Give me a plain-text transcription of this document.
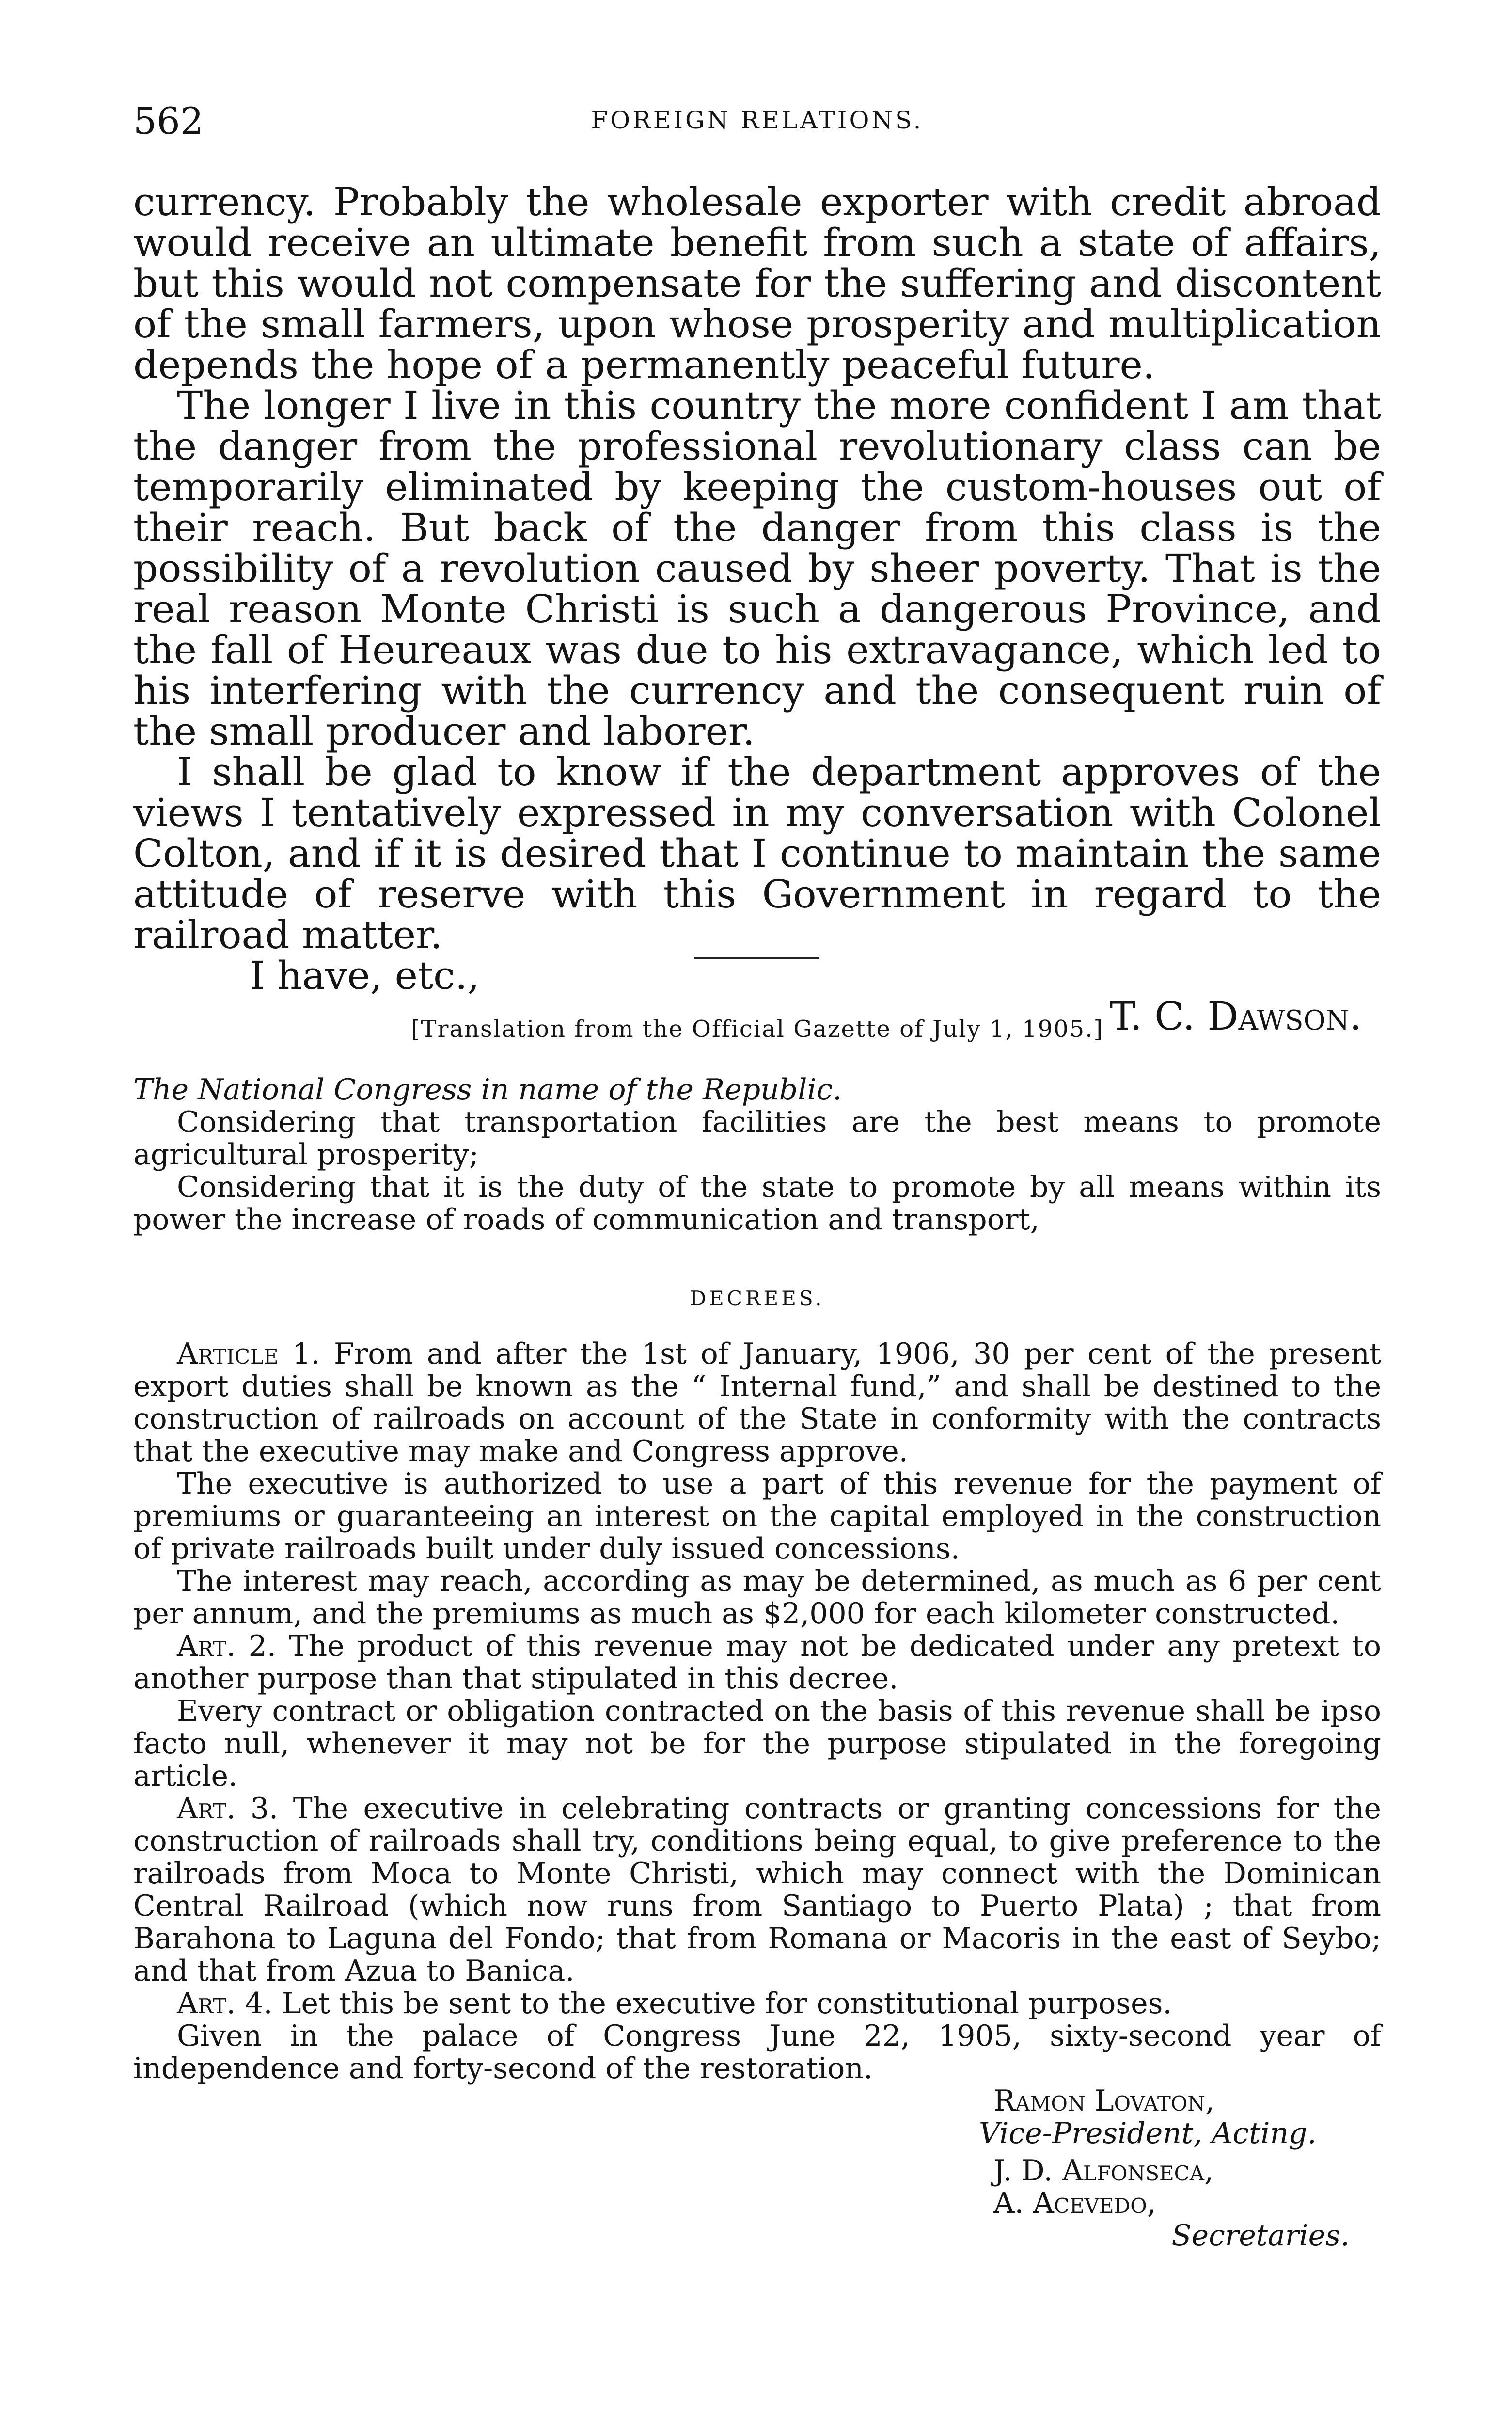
562	FOREIGN RELATIONS.

currency. Probably the wholesale exporter with credit abroad would receive an ultimate benefit from such a state of affairs, but this would not compensate for the suffering and discontent of the small farmers, upon whose prosperity and multiplication depends the hope of a permanently peaceful future.

The longer I live in this country the more confident I am that the danger from the professional revolutionary class can be temporarily eliminated by keeping the custom-houses out of their reach. But back of the danger from this class is the possibility of a revolution caused by sheer poverty. That is the real reason Monte Christi is such a dangerous Province, and the fall of Heureaux was due to his extravagance, which led to his interfering with the currency and the consequent ruin of the small producer and laborer.

I shall be glad to know if the department approves of the views I tentatively expressed in my conversation with Colonel Colton, and if it is desired that I continue to maintain the same attitude of reserve with this Government in regard to the railroad matter.

I have, etc.,

T. C. Dawson.

[Translation from the Official Gazette of July 1, 1905.]

The National Congress in name of the Republic.

Considering that transportation facilities are the best means to promote agricultural prosperity;

Considering that it is the duty of the state to promote by all means within its power the increase of roads of communication and transport,

DECREES.

Article 1. From and after the 1st of January, 1906, 30 per cent of the present export duties shall be known as the “ Internal fund,” and shall be destined to the construction of railroads on account of the State in conformity with the contracts that the executive may make and Congress approve.

The executive is authorized to use a part of this revenue for the payment of premiums or guaranteeing an interest on the capital employed in the construction of private railroads built under duly issued concessions.

The interest may reach, according as may be determined, as much as 6 per cent per annum, and the premiums as much as $2,000 for each kilometer constructed.

Art. 2. The product of this revenue may not be dedicated under any pretext to another purpose than that stipulated in this decree.

Every contract or obligation contracted on the basis of this revenue shall be ipso facto null, whenever it may not be for the purpose stipulated in the foregoing article.

Art. 3. The executive in celebrating contracts or granting concessions for the construction of railroads shall try, conditions being equal, to give preference to the railroads from Moca to Monte Christi, which may connect with the Dominican Central Railroad (which now runs from Santiago to Puerto Plata) ; that from Barahona to Laguna del Fondo; that from Romana or Macoris in the east of Seybo; and that from Azua to Banica.

Art. 4. Let this be sent to the executive for constitutional purposes.

Given in the palace of Congress June 22, 1905, sixty-second year of independence and forty-second of the restoration.

Ramon Lovaton,

Vice-President, Acting.

J. D. Alfonseca,

A. Acevedo,

Secretaries.
